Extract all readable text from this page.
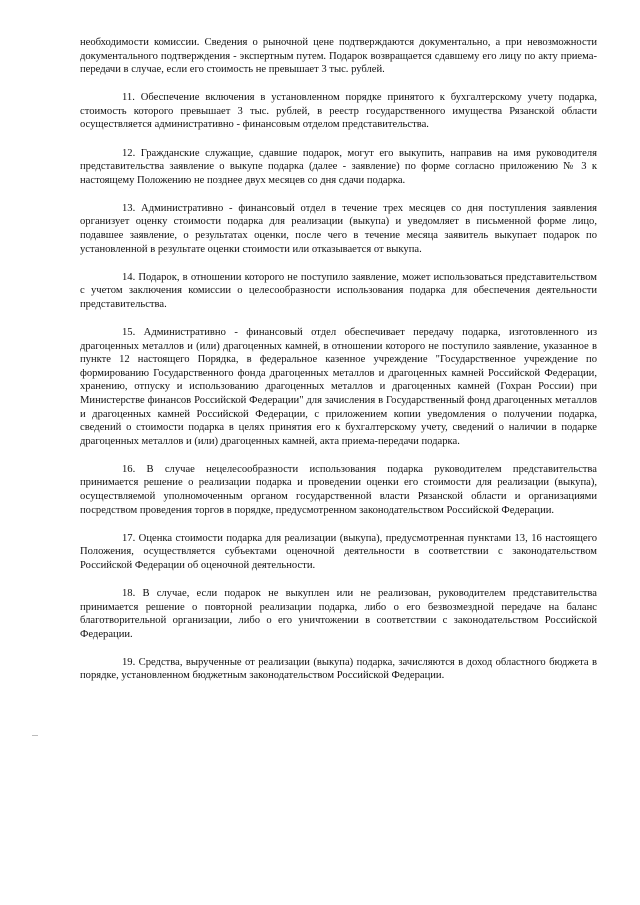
необходимости комиссии. Сведения о рыночной цене подтверждаются документально, а при невозможности документального подтверждения - экспертным путем. Подарок возвращается сдавшему его лицу по акту приема-передачи в случае, если его стоимость не превышает 3 тыс. рублей.

11. Обеспечение включения в установленном порядке принятого к бухгалтерскому учету подарка, стоимость которого превышает 3 тыс. рублей, в реестр государственного имущества Рязанской области осуществляется административно - финансовым отделом представительства.

12. Гражданские служащие, сдавшие подарок, могут его выкупить, направив на имя руководителя представительства заявление о выкупе подарка (далее - заявление) по форме согласно приложению № 3 к настоящему Положению не позднее двух месяцев со дня сдачи подарка.

13. Административно - финансовый отдел в течение трех месяцев со дня поступления заявления организует оценку стоимости подарка для реализации (выкупа) и уведомляет в письменной форме лицо, подавшее заявление, о результатах оценки, после чего в течение месяца заявитель выкупает подарок по установленной в результате оценки стоимости или отказывается от выкупа.

14. Подарок, в отношении которого не поступило заявление, может использоваться представительством с учетом заключения комиссии о целесообразности использования подарка для обеспечения деятельности представительства.

15. Административно - финансовый отдел обеспечивает передачу подарка, изготовленного из драгоценных металлов и (или) драгоценных камней, в отношении которого не поступило заявление, указанное в пункте 12 настоящего Порядка, в федеральное казенное учреждение "Государственное учреждение по формированию Государственного фонда драгоценных металлов и драгоценных камней Российской Федерации, хранению, отпуску и использованию драгоценных металлов и драгоценных камней (Гохран России) при Министерстве финансов Российской Федерации" для зачисления в Государственный фонд драгоценных металлов и драгоценных камней Российской Федерации, с приложением копии уведомления о получении подарка, сведений о стоимости подарка в целях принятия его к бухгалтерскому учету, сведений о наличии в подарке драгоценных металлов и (или) драгоценных камней, акта приема-передачи подарка.

16. В случае нецелесообразности использования подарка руководителем представительства принимается решение о реализации подарка и проведении оценки его стоимости для реализации (выкупа), осуществляемой уполномоченным органом государственной власти Рязанской области и организациями посредством проведения торгов в порядке, предусмотренном законодательством Российской Федерации.

17. Оценка стоимости подарка для реализации (выкупа), предусмотренная пунктами 13, 16 настоящего Положения, осуществляется субъектами оценочной деятельности в соответствии с законодательством Российской Федерации об оценочной деятельности.

18. В случае, если подарок не выкуплен или не реализован, руководителем представительства принимается решение о повторной реализации подарка, либо о его безвозмездной передаче на баланс благотворительной организации, либо о его уничтожении в соответствии с законодательством Российской Федерации.

19. Средства, вырученные от реализации (выкупа) подарка, зачисляются в доход областного бюджета в порядке, установленном бюджетным законодательством Российской Федерации.
